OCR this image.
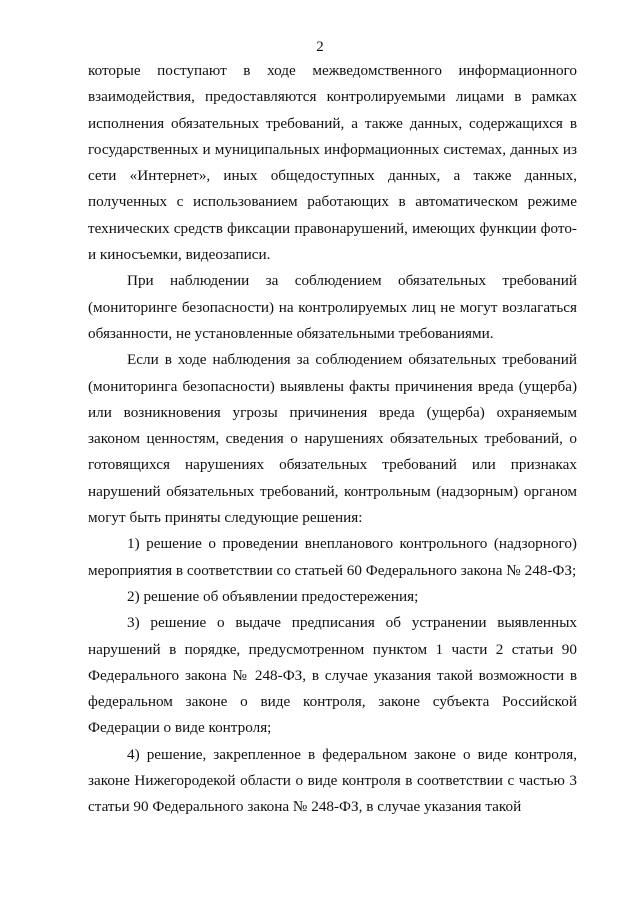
2

которые поступают в ходе межведомственного информационного взаимодействия, предоставляются контролируемыми лицами в рамках исполнения обязательных требований, а также данных, содержащихся в государственных и муниципальных информационных системах, данных из сети «Интернет», иных общедоступных данных, а также данных, полученных с использованием работающих в автоматическом режиме технических средств фиксации правонарушений, имеющих функции фото- и киносъемки, видеозаписи.

При наблюдении за соблюдением обязательных требований (мониторинге безопасности) на контролируемых лиц не могут возлагаться обязанности, не установленные обязательными требованиями.

Если в ходе наблюдения за соблюдением обязательных требований (мониторинга безопасности) выявлены факты причинения вреда (ущерба) или возникновения угрозы причинения вреда (ущерба) охраняемым законом ценностям, сведения о нарушениях обязательных требований, о готовящихся нарушениях обязательных требований или признаках нарушений обязательных требований, контрольным (надзорным) органом могут быть приняты следующие решения:

1) решение о проведении внепланового контрольного (надзорного) мероприятия в соответствии со статьей 60 Федерального закона № 248-ФЗ;

2) решение об объявлении предостережения;

3) решение о выдаче предписания об устранении выявленных нарушений в порядке, предусмотренном пунктом 1 части 2 статьи 90 Федерального закона № 248-ФЗ, в случае указания такой возможности в федеральном законе о виде контроля, законе субъекта Российской Федерации о виде контроля;

4) решение, закрепленное в федеральном законе о виде контроля, законе Нижегородекой области о виде контроля в соответствии с частью 3 статьи 90 Федерального закона № 248-ФЗ, в случае указания такой
